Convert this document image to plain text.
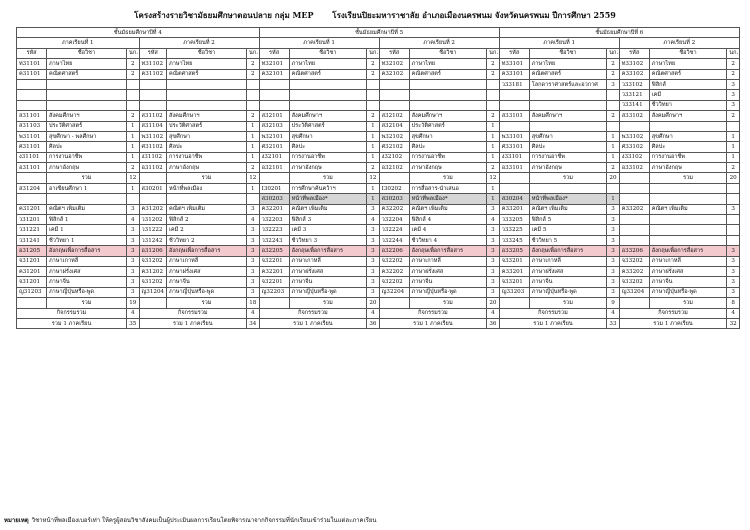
โครงสร้างรายวิชามัธยมศึกษาตอนปลาย กลุ่ม MEP โรงเรียนปิยะมหาราชาลัย อำเภอเมืองนครพนม จังหวัดนครพนม ปีการศึกษา 2559
ชั้นมัธยมศึกษาปีที่ 4						ชั้นมัธยมศึกษาปีที่ 5						ชั้นมัธยมศึกษาปีที่ 6					
ภาคเรียนที่ 1			ภาคเรียนที่ 2			ภาคเรียนที่ 1			ภาคเรียนที่ 2			ภาคเรียนที่ 1			ภาคเรียนที่ 2		
รหัส	ชื่อวิชา	นก.	รหัส	ชื่อวิชา	นก.	รหัส	ชื่อวิชา	นก.	รหัส	ชื่อวิชา	นก.	รหัส	ชื่อวิชา	นก.	รหัส	ชื่อวิชา	นก.
ท31101	ภาษาไทย	2	ท31102	ภาษาไทย	2	ท32101	ภาษาไทย	2	ท32102	ภาษาไทย	2	ท33101	ภาษาไทย	2	ท33102	ภาษาไทย	2
ค31101	คณิตศาสตร์	2	ค31102	คณิตศาสตร์	2	ค32101	คณิตศาสตร์	2	ค32102	คณิตศาสตร์	2	ค33101	คณิตศาสตร์	2	ค33102	คณิตศาสตร์	2
												ว33181	โลกดาราศาสตร์และอวกาศ	3	ว33102	ฟิสิกส์	3
															ว33121	เคมี	3
															ว33141	ชีววิทยา	3
ส31101	สังคมศึกษาฯ	2	ส31102	สังคมศึกษาฯ	2	ส32101	สังคมศึกษาฯ	2	ส32102	สังคมศึกษาฯ	2	ส33101	สังคมศึกษาฯ	2	ส33102	สังคมศึกษาฯ	2
ส31103	ประวัติศาสตร์	1	ส31104	ประวัติศาสตร์	1	ส32103	ประวัติศาสตร์	1	ส32104	ประวัติศาสตร์	1						
พ31101	สุขศึกษา - พลศึกษา	1	พ31102	สุขศึกษา	1	พ32101	สุขศึกษา	1	พ32102	สุขศึกษา	1	พ33101	สุขศึกษา	1	พ33102	สุขศึกษา	1
ศ31101	ศิลปะ	1	ศ31102	ศิลปะ	1	ศ32101	ศิลปะ	1	ศ32102	ศิลปะ	1	ศ33101	ศิลปะ	1	ศ33102	ศิลปะ	1
ง31101	การงานอาชีพ	1	ง31102	การงานอาชีพ	1	ง32101	การงานอาชีพ	1	ง32102	การงานอาชีพ	1	ง33101	การงานอาชีพ	1	ง33102	การงานอาชีพ	1
อ31101	ภาษาอังกฤษ	2	อ31102	ภาษาอังกฤษ	2	อ32101	ภาษาอังกฤษ	2	อ32102	ภาษาอังกฤษ	2	อ33101	ภาษาอังกฤษ	2	อ33102	ภาษาอังกฤษ	2
	รวม	12		รวม	12		รวม	12		รวม	12		รวม	20		รวม	20
ส31204	อาเซียนศึกษา 1	1	ส30201	หน้าที่พลเมือง	1	I30201	การศึกษาค้นคว้าฯ	1	I30202	การสื่อสาร-นำเสนอ	1						
						ส30203	หน้าที่พลเมือง*	1	ส30203	หน้าที่พลเมือง*	1	ส30204	หน้าที่พลเมือง*	1			
ค31201	คณิตฯ เพิ่มเติม	3	ค31202	คณิตฯ เพิ่มเติม	3	ค32201	คณิตฯ เพิ่มเติม	3	ค32202	คณิตฯ เพิ่มเติม	3	ค33201	คณิตฯ เพิ่มเติม	3	ค33202	คณิตฯ เพิ่มเติม	3
ว31201	ฟิสิกส์ 1	4	ว31202	ฟิสิกส์ 2	4	ว32203	ฟิสิกส์ 3	4	ว32204	ฟิสิกส์ 4	4	ว33205	ฟิสิกส์ 5	3			
ว31221	เคมี 1	3	ว31222	เคมี 2	3	ว32223	เคมี 3	3	ว32224	เคมี 4	3	ว33225	เคมี 5	3			
ว31241	ชีววิทยา 1	3	ว31242	ชีววิทยา 2	3	ว32243	ชีววิทยา 3	3	ว32244	ชีววิทยา 4	3	ว33245	ชีววิทยา 5	3			
อ31205	อังกฤษเพื่อการสื่อสาร	3	อ31206	อังกฤษเพื่อการสื่อสาร	3	อ32205	อังกฤษเพื่อการสื่อสาร	3	อ32206	อังกฤษเพื่อการสื่อสาร	3	อ33205	อังกฤษเพื่อการสื่อสาร	3	อ33206	อังกฤษเพื่อการสื่อสาร	3
จ31201	ภาษาเกาหลี	3	จ31202	ภาษาเกาหลี	3	จ32201	ภาษาเกาหลี	3	จ32202	ภาษาเกาหลี	3	จ33201	ภาษาเกาหลี	3	จ33202	ภาษาเกาหลี	3
ค31201	ภาษาฝรั่งเศส	3	ค31202	ภาษาฝรั่งเศส	3	ค32201	ภาษาฝรั่งเศส	3	ค32202	ภาษาฝรั่งเศส	3	ค33201	ภาษาฝรั่งเศส	3	ค33202	ภาษาฝรั่งเศส	3
จ31201	ภาษาจีน	3	จ31202	ภาษาจีน	3	จ32201	ภาษาจีน	3	จ32202	ภาษาจีน	3	จ33201	ภาษาจีน	3	จ33202	ภาษาจีน	3
ญ31203	ภาษาญี่ปุ่นหรือ-พูด	3	ญ31204	ภาษาญี่ปุ่นหรือ-พูด	3	ญ32203	ภาษาญี่ปุ่นหรือ-พูด	3	ญ32204	ภาษาญี่ปุ่นหรือ-พูด	3	ญ33203	ภาษาญี่ปุ่นหรือ-พูด	3	ญ33204	ภาษาญี่ปุ่นหรือ-พูด	3
	รวม	19		รวม	18		รวม	20		รวม	20		รวม	9		รวม	8
กิจกรรมรวม		4	กิจกรรมรวม		4	กิจกรรมรวม		4	กิจกรรมรวม		4	กิจกรรมรวม		4	กิจกรรมรวม		4
รวม 1 ภาคเรียน		35	รวม 1 ภาคเรียน		34	รวม 1 ภาคเรียน		36	รวม 1 ภาคเรียน		36	รวม 1 ภาคเรียน		33	รวม 1 ภาคเรียน		32
หมายเหตุ วิชาหน้าที่พลเมืองเบอร์เท่า ให้ครูผู้สอนวิชาสังคมเป็นผู้ประเมินผลการเรียนโดยพิจารณาจากกิจกรรมที่นักเรียนเข้าร่วมในแต่ละภาคเรียน
